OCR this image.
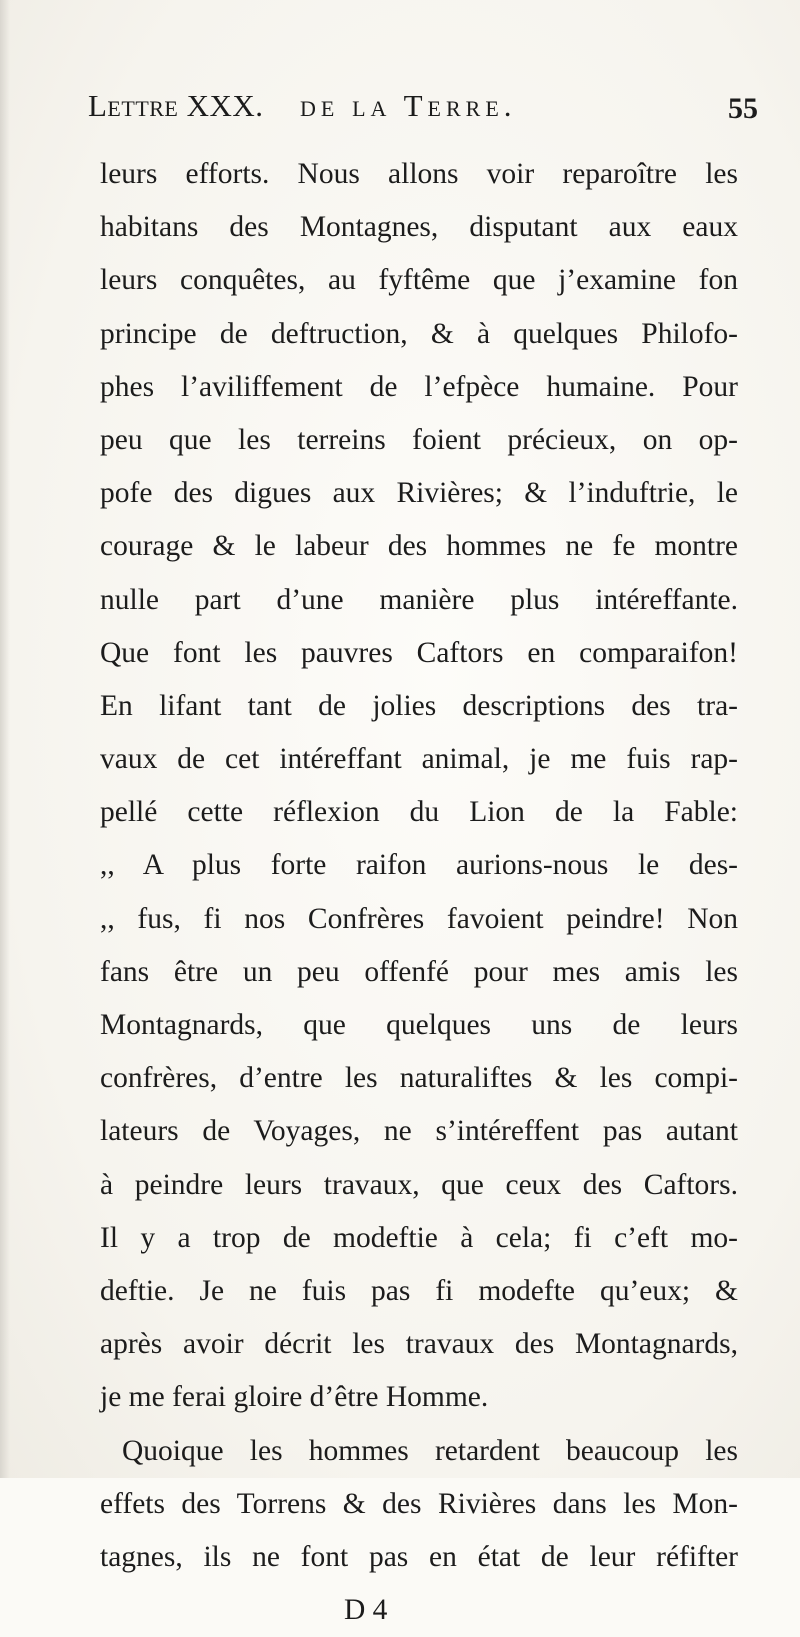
Lettre XXX. de la Terre.	55
leurs efforts. Nous allons voir reparoître les
habitans des Montagnes, disputant aux eaux
leurs conquêtes, au fyftême que j’examine fon
principe de deftruction, & à quelques Philofo-
phes l’aviliffement de l’efpèce humaine. Pour
peu que les terreins foient précieux, on op-
pofe des digues aux Rivières; & l’induftrie, le
courage & le labeur des hommes ne fe montre
nulle part d’une manière plus intéreffante.
Que font les pauvres Caftors en comparaifon!
En lifant tant de jolies descriptions des tra-
vaux de cet intéreffant animal, je me fuis rap-
pellé cette réflexion du Lion de la Fable:
,, A plus forte raifon aurions-nous le des-
,, fus, fi nos Confrères favoient peindre! Non
fans être un peu offenfé pour mes amis les
Montagnards, que quelques uns de leurs
confrères, d’entre les naturaliftes & les compi-
lateurs de Voyages, ne s’intéreffent pas autant
à peindre leurs travaux, que ceux des Caftors.
Il y a trop de modeftie à cela; fi c’eft mo-
deftie. Je ne fuis pas fi modefte qu’eux; &
après avoir décrit les travaux des Montagnards,
je me ferai gloire d’être Homme.
Quoique les hommes retardent beaucoup les
effets des Torrens & des Rivières dans les Mon-
tagnes, ils ne font pas en état de leur réfifter
D 4
